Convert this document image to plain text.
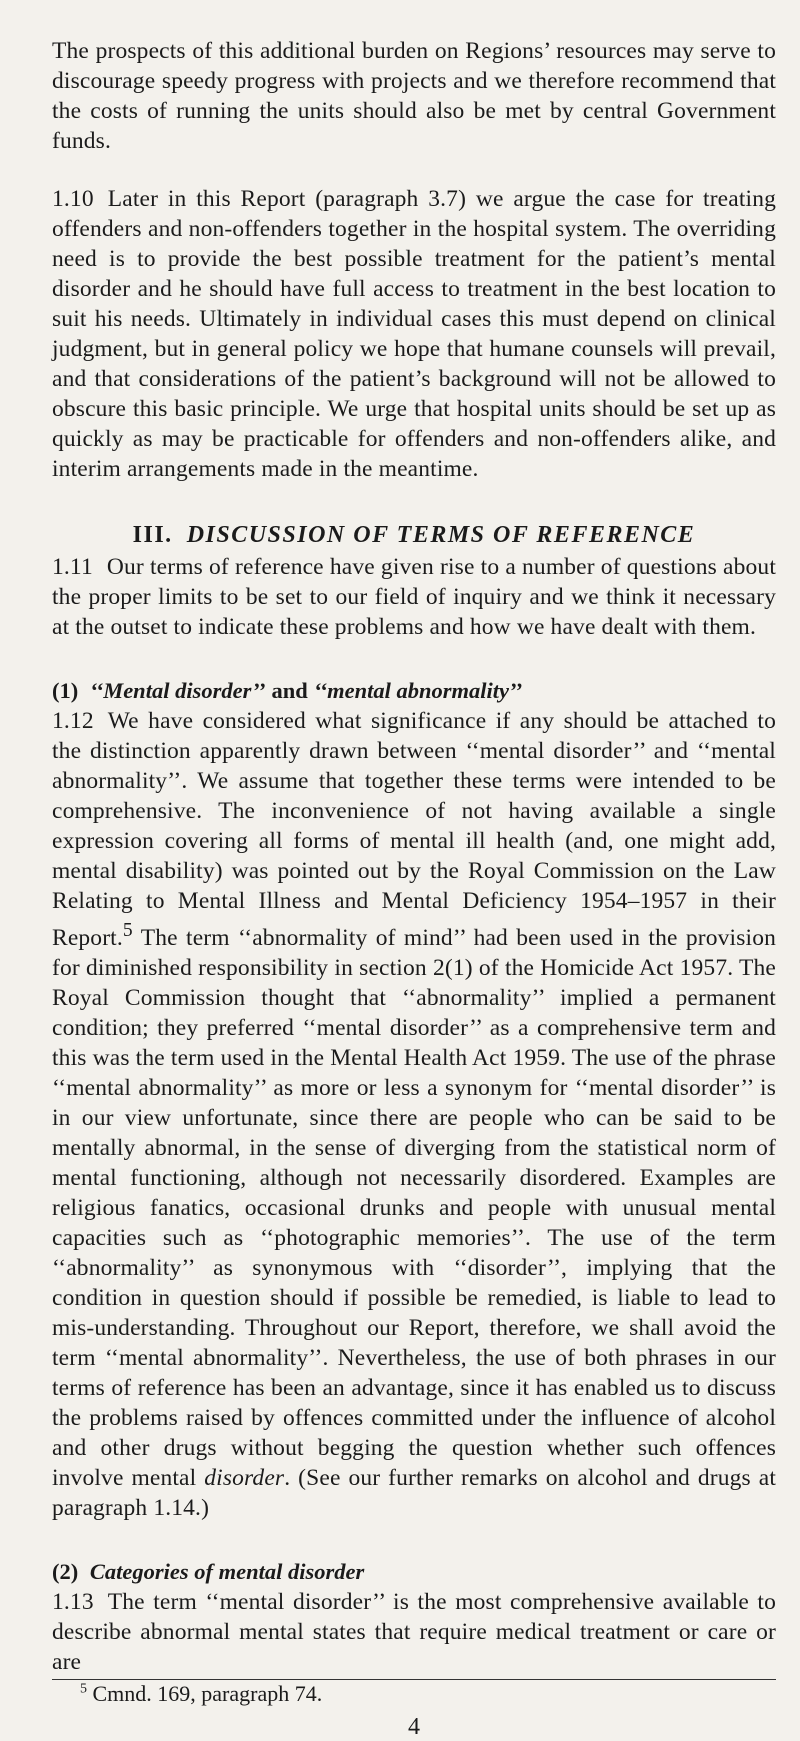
The prospects of this additional burden on Regions’ resources may serve to discourage speedy progress with projects and we therefore recommend that the costs of running the units should also be met by central Government funds.

1.10 Later in this Report (paragraph 3.7) we argue the case for treating offenders and non-offenders together in the hospital system. The overriding need is to provide the best possible treatment for the patient’s mental disorder and he should have full access to treatment in the best location to suit his needs. Ultimately in individual cases this must depend on clinical judgment, but in general policy we hope that humane counsels will prevail, and that considerations of the patient’s background will not be allowed to obscure this basic principle. We urge that hospital units should be set up as quickly as may be practicable for offenders and non-offenders alike, and interim arrangements made in the meantime.

III. DISCUSSION OF TERMS OF REFERENCE

1.11 Our terms of reference have given rise to a number of questions about the proper limits to be set to our field of inquiry and we think it necessary at the outset to indicate these problems and how we have dealt with them.

(1) ‘‘Mental disorder’’ and ‘‘mental abnormality’’

1.12 We have considered what significance if any should be attached to the distinction apparently drawn between ‘‘mental disorder’’ and ‘‘mental abnormality’’. We assume that together these terms were intended to be comprehensive. The inconvenience of not having available a single expression covering all forms of mental ill health (and, one might add, mental disability) was pointed out by the Royal Commission on the Law Relating to Mental Illness and Mental Deficiency 1954–1957 in their Report.$^5$ The term ‘‘abnormality of mind’’ had been used in the provision for diminished responsibility in section 2(1) of the Homicide Act 1957. The Royal Commission thought that ‘‘abnormality’’ implied a permanent condition; they preferred ‘‘mental disorder’’ as a comprehensive term and this was the term used in the Mental Health Act 1959. The use of the phrase ‘‘mental abnormality’’ as more or less a synonym for ‘‘mental disorder’’ is in our view unfortunate, since there are people who can be said to be mentally abnormal, in the sense of diverging from the statistical norm of mental functioning, although not necessarily disordered. Examples are religious fanatics, occasional drunks and people with unusual mental capacities such as ‘‘photographic memories’’. The use of the term ‘‘abnormality’’ as synonymous with ‘‘disorder’’, implying that the condition in question should if possible be remedied, is liable to lead to mis-understanding. Throughout our Report, therefore, we shall avoid the term ‘‘mental abnormality’’. Nevertheless, the use of both phrases in our terms of reference has been an advantage, since it has enabled us to discuss the problems raised by offences committed under the influence of alcohol and other drugs without begging the question whether such offences involve mental disorder. (See our further remarks on alcohol and drugs at paragraph 1.14.)

(2) Categories of mental disorder

1.13 The term ‘‘mental disorder’’ is the most comprehensive available to describe abnormal mental states that require medical treatment or care or are

$^5$ Cmnd. 169, paragraph 74.
4
